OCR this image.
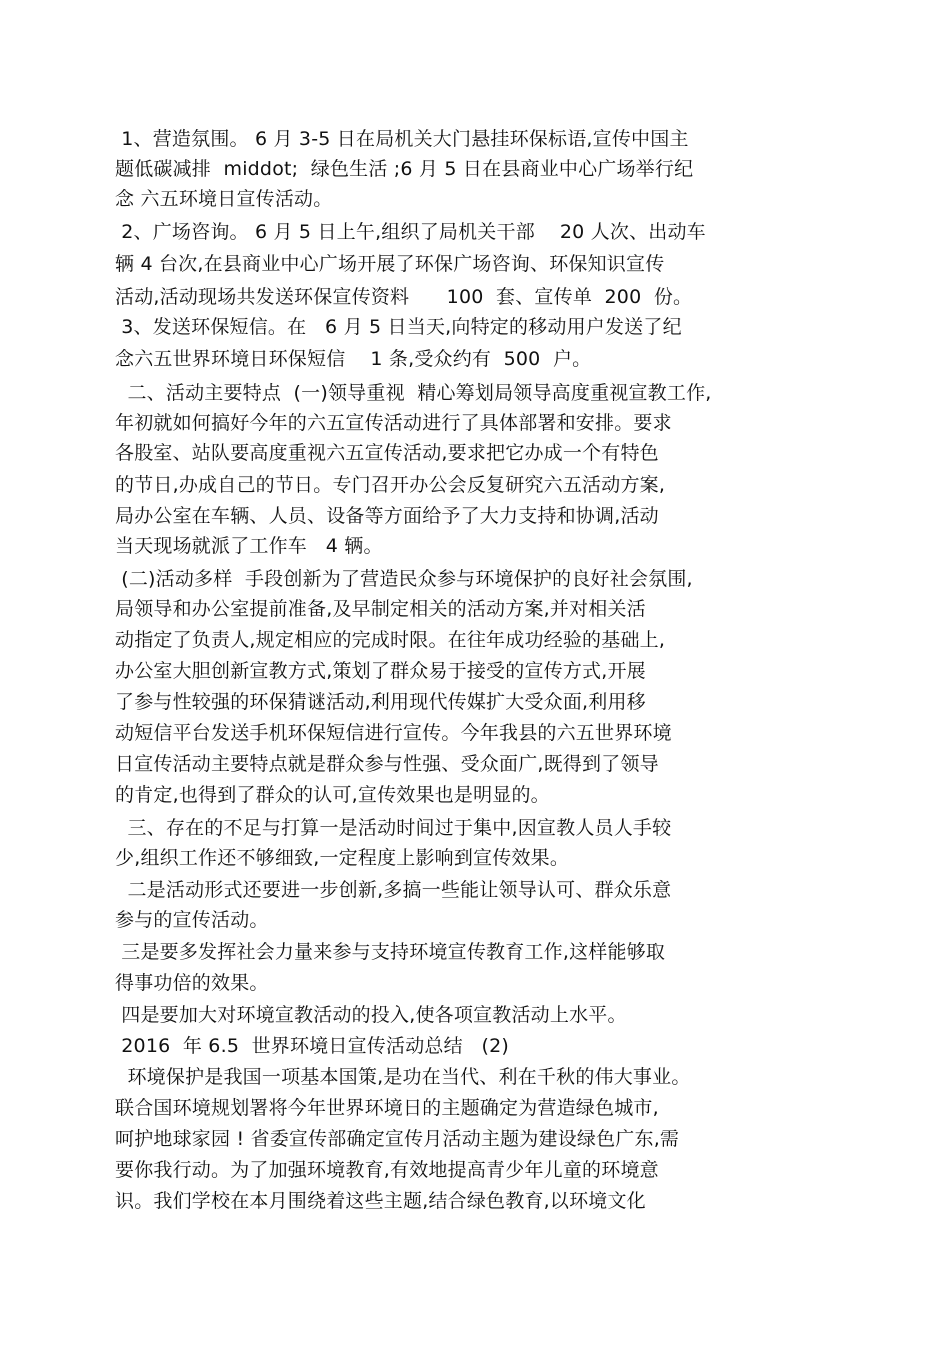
1、营造氛围。 6 月 3-5 日在局机关大门悬挂环保标语,宣传中国主
题低碳减排  middot;  绿色生活 ;6 月 5 日在县商业中心广场举行纪
念 六五环境日宣传活动。
2、广场咨询。 6 月 5 日上午,组织了局机关干部    20 人次、出动车
辆 4 台次,在县商业中心广场开展了环保广场咨询、环保知识宣传
活动,活动现场共发送环保宣传资料      100  套、宣传单  200  份。
3、发送环保短信。在   6 月 5 日当天,向特定的移动用户发送了纪
念六五世界环境日环保短信    1 条,受众约有  500  户。
二、活动主要特点  (一)领导重视  精心筹划局领导高度重视宣教工作,
年初就如何搞好今年的六五宣传活动进行了具体部署和安排。要求
各股室、站队要高度重视六五宣传活动,要求把它办成一个有特色
的节日,办成自己的节日。专门召开办公会反复研究六五活动方案,
局办公室在车辆、人员、设备等方面给予了大力支持和协调,活动
当天现场就派了工作车   4 辆。
(二)活动多样  手段创新为了营造民众参与环境保护的良好社会氛围,
局领导和办公室提前准备,及早制定相关的活动方案,并对相关活
动指定了负责人,规定相应的完成时限。在往年成功经验的基础上,
办公室大胆创新宣教方式,策划了群众易于接受的宣传方式,开展
了参与性较强的环保猜谜活动,利用现代传媒扩大受众面,利用移
动短信平台发送手机环保短信进行宣传。今年我县的六五世界环境
日宣传活动主要特点就是群众参与性强、受众面广,既得到了领导
的肯定,也得到了群众的认可,宣传效果也是明显的。
三、存在的不足与打算一是活动时间过于集中,因宣教人员人手较
少,组织工作还不够细致,一定程度上影响到宣传效果。
二是活动形式还要进一步创新,多搞一些能让领导认可、群众乐意
参与的宣传活动。
三是要多发挥社会力量来参与支持环境宣传教育工作,这样能够取
得事功倍的效果。
四是要加大对环境宣教活动的投入,使各项宣教活动上水平。
2016  年 6.5  世界环境日宣传活动总结   (2)
环境保护是我国一项基本国策,是功在当代、利在千秋的伟大事业。
联合国环境规划署将今年世界环境日的主题确定为营造绿色城市,
呵护地球家园 ! 省委宣传部确定宣传月活动主题为建设绿色广东,需
要你我行动。为了加强环境教育,有效地提高青少年儿童的环境意
识。我们学校在本月围绕着这些主题,结合绿色教育,以环境文化
